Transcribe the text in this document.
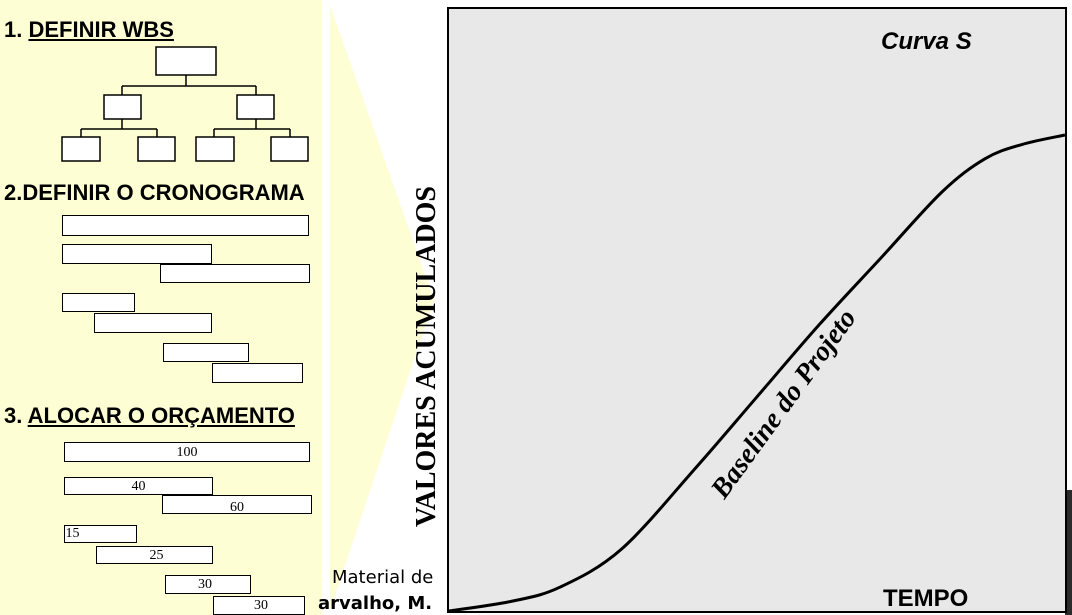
1. DEFINIR WBS
2.DEFINIR O CRONOGRAMA
3. ALOCAR O ORÇAMENTO
100
40
60
15
25
30
30
Material de
arvalho, M.
Curva S
TEMPO
VALORES ACUMULADOS	Baseline do Projeto
